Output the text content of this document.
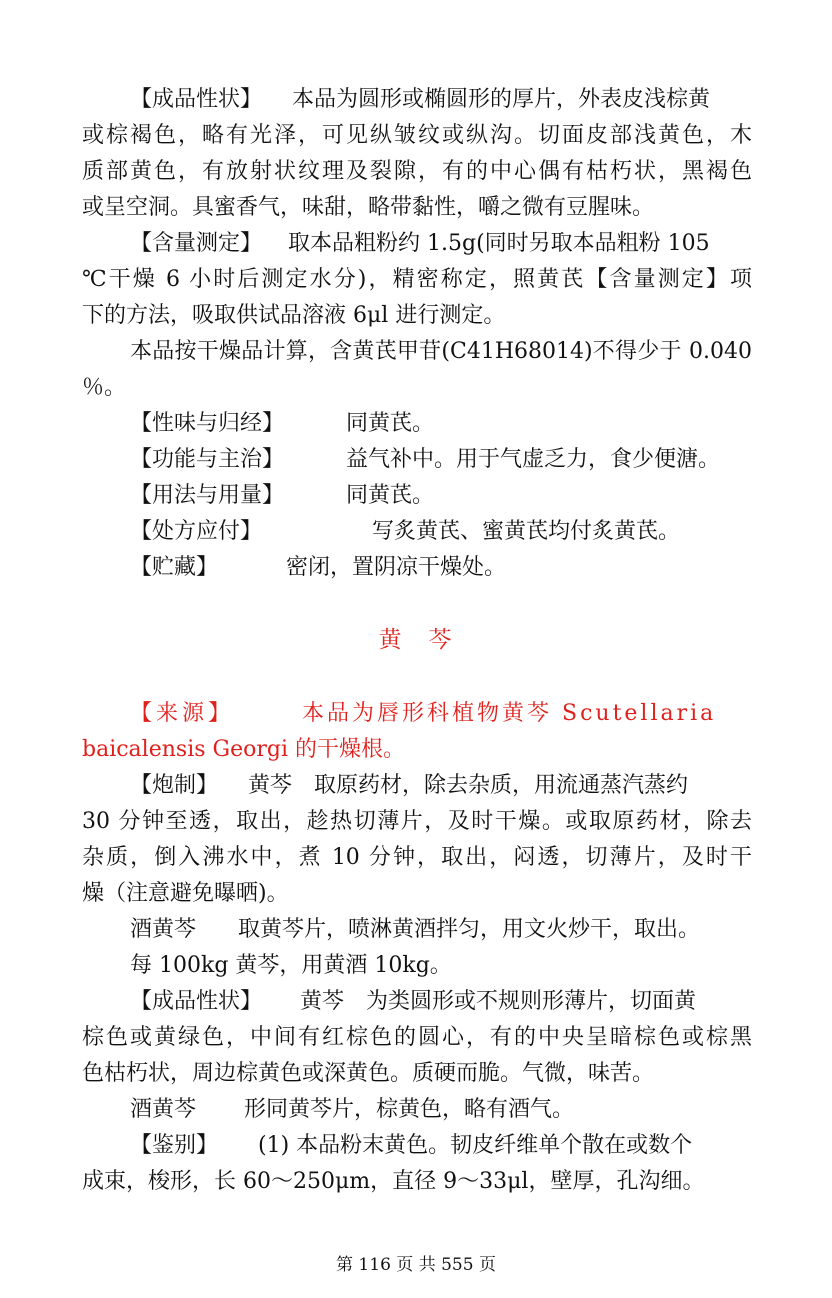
【成品性状】 本品为圆形或椭圆形的厚片，外表皮浅棕黄
或棕褐色，略有光泽，可见纵皱纹或纵沟。切面皮部浅黄色，木
质部黄色，有放射状纹理及裂隙，有的中心偶有枯朽状，黑褐色
或呈空洞。具蜜香气，味甜，略带黏性，嚼之微有豆腥味。
【含量测定】 取本品粗粉约 1.5g(同时另取本品粗粉 105
℃干燥 6 小时后测定水分)，精密称定，照黄芪【含量测定】项
下的方法，吸取供试品溶液 6μl 进行测定。
本品按干燥品计算，含黄芪甲苷(C41H68014)不得少于 0.040
％。
【性味与归经】	同黄芪。
【功能与主治】	益气补中。用于气虚乏力，食少便溏。
【用法与用量】	同黄芪。
【处方应付】	写炙黄芪、蜜黄芪均付炙黄芪。
【贮藏】	密闭，置阴凉干燥处。
黄　芩
【来源】	本品为唇形科植物黄芩 Scutellaria
baicalensis Georgi 的干燥根。
【炮制】 黄芩　取原药材，除去杂质，用流通蒸汽蒸约
30 分钟至透，取出，趁热切薄片，及时干燥。或取原药材，除去
杂质，倒入沸水中，煮 10 分钟，取出，闷透，切薄片，及时干
燥（注意避免曝晒)。
酒黄芩 取黄芩片，喷淋黄酒拌匀，用文火炒干，取出。
每 100kg 黄芩，用黄酒 10kg。
【成品性状】 黄芩　为类圆形或不规则形薄片，切面黄
棕色或黄绿色，中间有红棕色的圆心，有的中央呈暗棕色或棕黑
色枯朽状，周边棕黄色或深黄色。质硬而脆。气微，味苦。
酒黄芩 形同黄芩片，棕黄色，略有酒气。
【鉴别】 (1) 本品粉末黄色。韧皮纤维单个散在或数个
成束，梭形，长 60～250μm，直径 9～33μl，壁厚，孔沟细。
第 116 页 共 555 页
